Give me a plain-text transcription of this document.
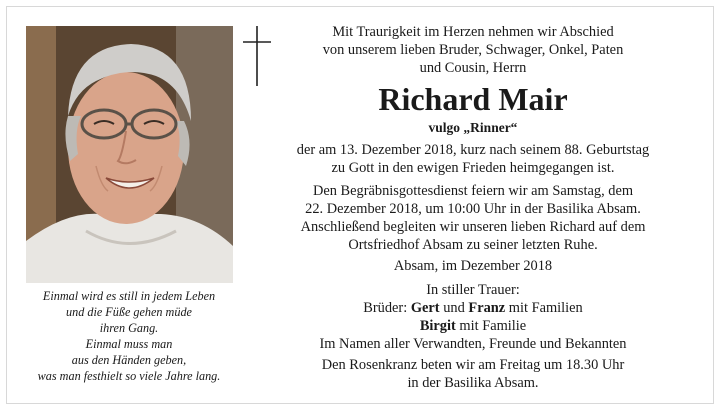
Einmal wird es still in jedem Leben
und die Füße gehen müde
ihren Gang.
Einmal muss man
aus den Händen geben,
was man festhielt so viele Jahre lang.
Mit Traurigkeit im Herzen nehmen wir Abschied
von unserem lieben Bruder, Schwager, Onkel, Paten
und Cousin, Herrn
Richard Mair
vulgo „Rinner“
der am 13. Dezember 2018, kurz nach seinem 88. Geburtstag
zu Gott in den ewigen Frieden heimgegangen ist.
Den Begräbnisgottesdienst feiern wir am Samstag, dem
22. Dezember 2018, um 10:00 Uhr in der Basilika Absam.
Anschließend begleiten wir unseren lieben Richard auf dem
Ortsfriedhof Absam zu seiner letzten Ruhe.
Absam, im Dezember 2018
In stiller Trauer:
Brüder: Gert und Franz mit Familien
Birgit mit Familie
Im Namen aller Verwandten, Freunde und Bekannten
Den Rosenkranz beten wir am Freitag um 18.30 Uhr
in der Basilika Absam.
